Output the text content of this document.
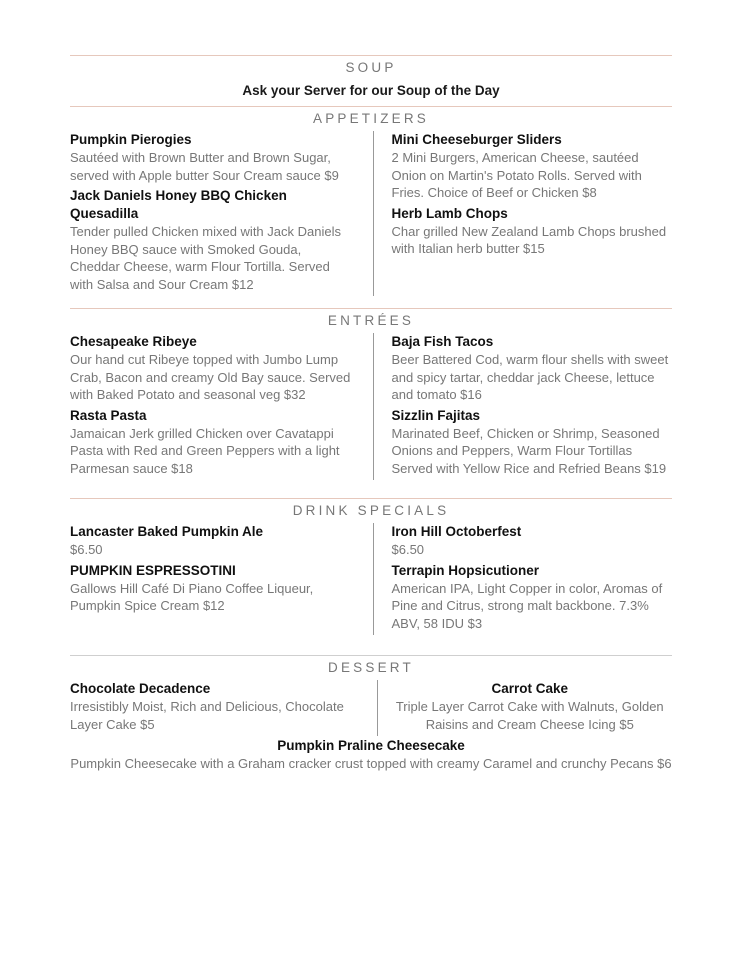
SOUP
Ask your Server for our Soup of the Day
APPETIZERS
Pumpkin Pierogies
Sautéed with Brown Butter and Brown Sugar, served with Apple butter Sour Cream sauce $9
Jack Daniels Honey BBQ Chicken Quesadilla
Tender pulled Chicken mixed with Jack Daniels Honey BBQ sauce with Smoked Gouda, Cheddar Cheese, warm Flour Tortilla. Served with Salsa and Sour Cream $12
Mini Cheeseburger Sliders
2 Mini Burgers, American Cheese, sautéed Onion on Martin's Potato Rolls. Served with Fries. Choice of Beef or Chicken $8
Herb Lamb Chops
Char grilled New Zealand Lamb Chops brushed with Italian herb butter $15
ENTRÉES
Chesapeake Ribeye
Our hand cut Ribeye topped with Jumbo Lump Crab, Bacon and creamy Old Bay sauce. Served with Baked Potato and seasonal veg $32
Rasta Pasta
Jamaican Jerk grilled Chicken over Cavatappi Pasta with Red and Green Peppers with a light Parmesan sauce $18
Baja Fish Tacos
Beer Battered Cod, warm flour shells with sweet and spicy tartar, cheddar jack Cheese, lettuce and tomato $16
Sizzlin Fajitas
Marinated Beef, Chicken or Shrimp, Seasoned Onions and Peppers, Warm Flour Tortillas Served with Yellow Rice and Refried Beans $19
DRINK SPECIALS
Lancaster Baked Pumpkin Ale
$6.50
PUMPKIN ESPRESSOTINI
Gallows Hill Café Di Piano Coffee Liqueur, Pumpkin Spice Cream $12
Iron Hill Octoberfest
$6.50
Terrapin Hopsicutioner
American IPA, Light Copper in color, Aromas of Pine and Citrus, strong malt backbone. 7.3% ABV, 58 IDU $3
DESSERT
Chocolate Decadence
Irresistibly Moist, Rich and Delicious, Chocolate Layer Cake $5
Carrot Cake
Triple Layer Carrot Cake with Walnuts, Golden Raisins and Cream Cheese Icing $5
Pumpkin Praline Cheesecake
Pumpkin Cheesecake with a Graham cracker crust topped with creamy Caramel and crunchy Pecans $6
